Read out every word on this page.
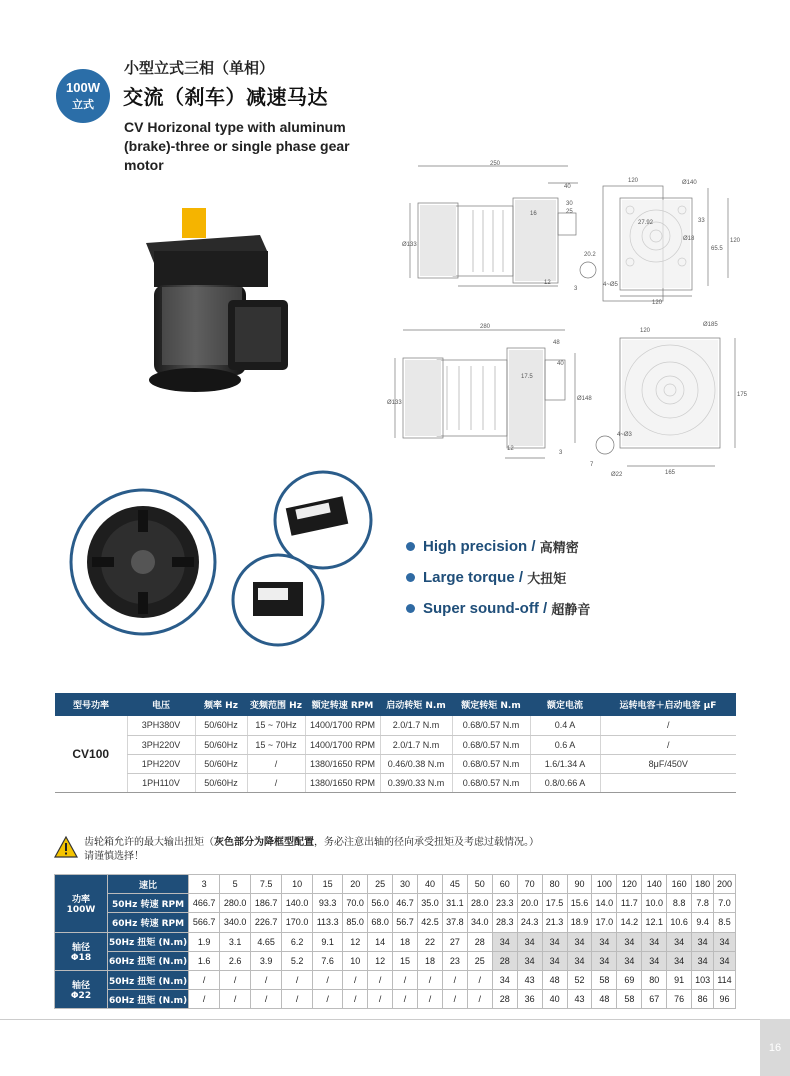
100W
立式
小型立式三相（单相）
交流（刹车）减速马达
CV Horizonal type with aluminum (brake)-three or single phase gear motor	250
40
120	Ø140
16
30
25
Ø133
12
3
20.2
4~Ø5
Ø18
27.92
65.5
120
120
33
280
48
40
17.5
Ø133
Ø148
12
7
3
120
Ø185
175
165
Ø22
4~Ø3
High precision / 高精密
Large torque / 大扭矩
Super sound-off / 超静音
型号功率	电压	频率 Hz	变频范围 Hz	额定转速 RPM	启动转矩 N.m	额定转矩 N.m	额定电流	运转电容＋启动电容 μF
CV100	3PH380V	50/60Hz	15 ~ 70Hz	1400/1700 RPM	2.0/1.7 N.m	0.68/0.57 N.m	0.4 A	/
	3PH220V	50/60Hz	15 ~ 70Hz	1400/1700 RPM	2.0/1.7 N.m	0.68/0.57 N.m	0.6 A	/
	1PH220V	50/60Hz	/	1380/1650 RPM	0.46/0.38 N.m	0.68/0.57 N.m	1.6/1.34 A	8μF/450V
	1PH110V	50/60Hz	/	1380/1650 RPM	0.39/0.33 N.m	0.68/0.57 N.m	0.8/0.66 A	
齿轮箱允许的最大输出扭矩（灰色部分为降框型配置，务必注意出轴的径向承受扭矩及考虑过载情况。）
请谨慎选择！
功率
100W	速比	3	5	7.5	10	15	20	25	30	40	45	50	60	70	80	90	100	120	140	160	180	200
	50Hz 转速 RPM	466.7	280.0	186.7	140.0	93.3	70.0	56.0	46.7	35.0	31.1	28.0	23.3	20.0	17.5	15.6	14.0	11.7	10.0	8.8	7.8	7.0
	60Hz 转速 RPM	566.7	340.0	226.7	170.0	113.3	85.0	68.0	56.7	42.5	37.8	34.0	28.3	24.3	21.3	18.9	17.0	14.2	12.1	10.6	9.4	8.5
轴径
Φ18	50Hz 扭矩 (N.m)	1.9	3.1	4.65	6.2	9.1	12	14	18	22	27	28	34	34	34	34	34	34	34	34	34	34
	60Hz 扭矩 (N.m)	1.6	2.6	3.9	5.2	7.6	10	12	15	18	23	25	28	34	34	34	34	34	34	34	34	34
轴径
Φ22	50Hz 扭矩 (N.m)	/	/	/	/	/	/	/	/	/	/	/	34	43	48	52	58	69	80	91	103	114
	60Hz 扭矩 (N.m)	/	/	/	/	/	/	/	/	/	/	/	28	36	40	43	48	58	67	76	86	96
16
